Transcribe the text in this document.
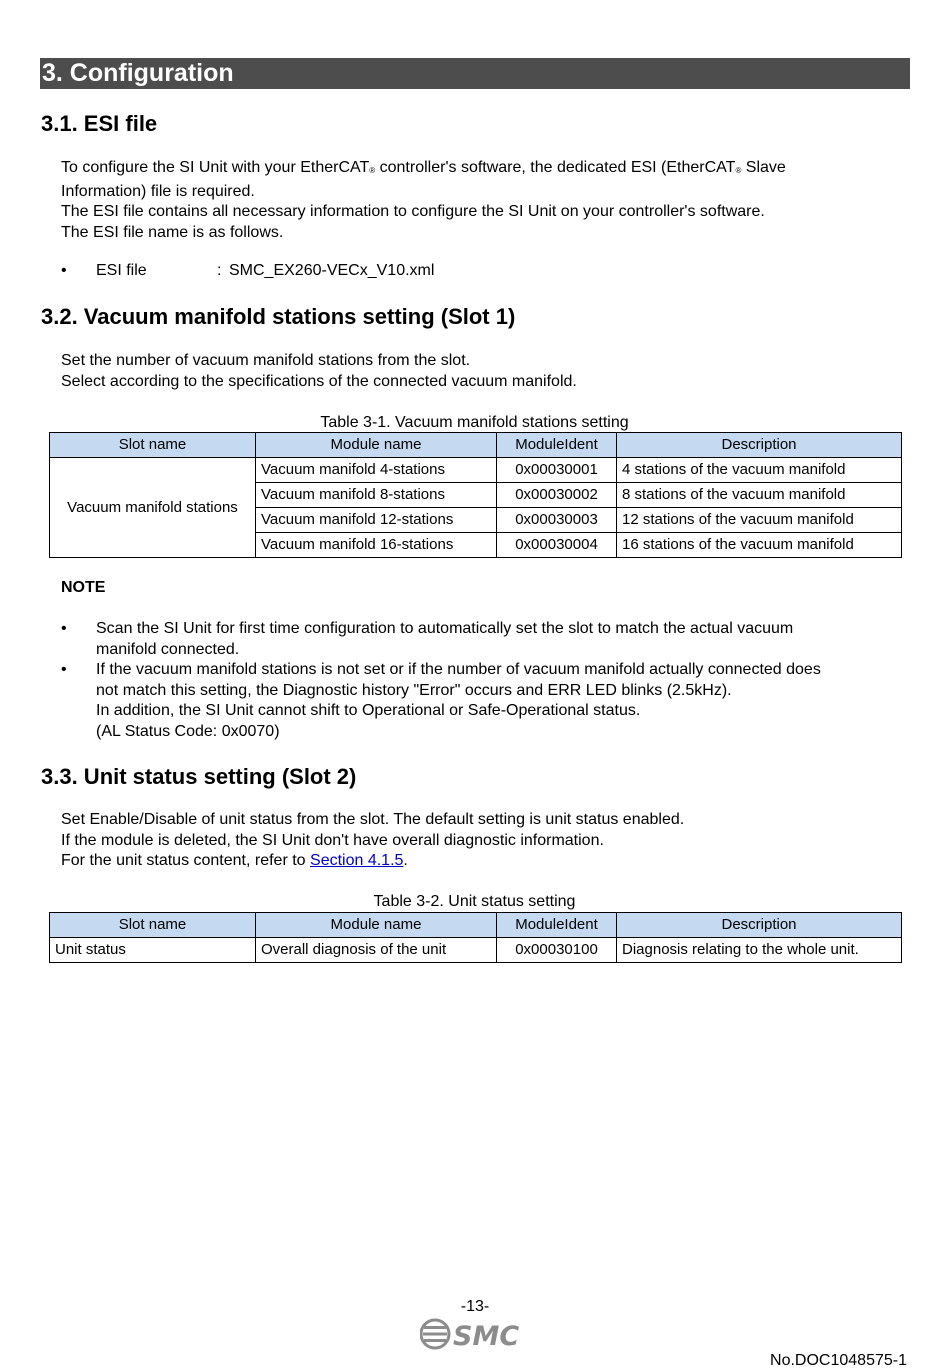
3. Configuration
3.1. ESI file

To configure the SI Unit with your EtherCAT$_®$ controller's software, the dedicated ESI (EtherCAT$_®$ Slave

Information) file is required.

The ESI file contains all necessary information to configure the SI Unit on your controller's software.

The ESI file name is as follows.

• ESI file	: SMC_EX260-VECx_V10.xml
3.2. Vacuum manifold stations setting (Slot 1)

Set the number of vacuum manifold stations from the slot.

Select according to the specifications of the connected vacuum manifold.

Table 3-1. Vacuum manifold stations setting
Slot name	Module name	ModuleIdent	Description
Vacuum manifold stations	Vacuum manifold 4-stations	0x00030001	4 stations of the vacuum manifold
	Vacuum manifold 8-stations	0x00030002	8 stations of the vacuum manifold
	Vacuum manifold 12-stations	0x00030003	12 stations of the vacuum manifold
	Vacuum manifold 16-stations	0x00030004	16 stations of the vacuum manifold
NOTE
• Scan the SI Unit for first time configuration to automatically set the slot to match the actual vacuum
manifold connected.
• If the vacuum manifold stations is not set or if the number of vacuum manifold actually connected does
not match this setting, the Diagnostic history "Error" occurs and ERR LED blinks (2.5kHz).
In addition, the SI Unit cannot shift to Operational or Safe-Operational status.
(AL Status Code: 0x0070)
3.3. Unit status setting (Slot 2)

Set Enable/Disable of unit status from the slot. The default setting is unit status enabled.

If the module is deleted, the SI Unit don't have overall diagnostic information.

For the unit status content, refer to Section 4.1.5.

Table 3-2. Unit status setting
Slot name	Module name	ModuleIdent	Description
Unit status	Overall diagnosis of the unit	0x00030100	Diagnosis relating to the whole unit.
-13-
SMC
No.DOC1048575-1
